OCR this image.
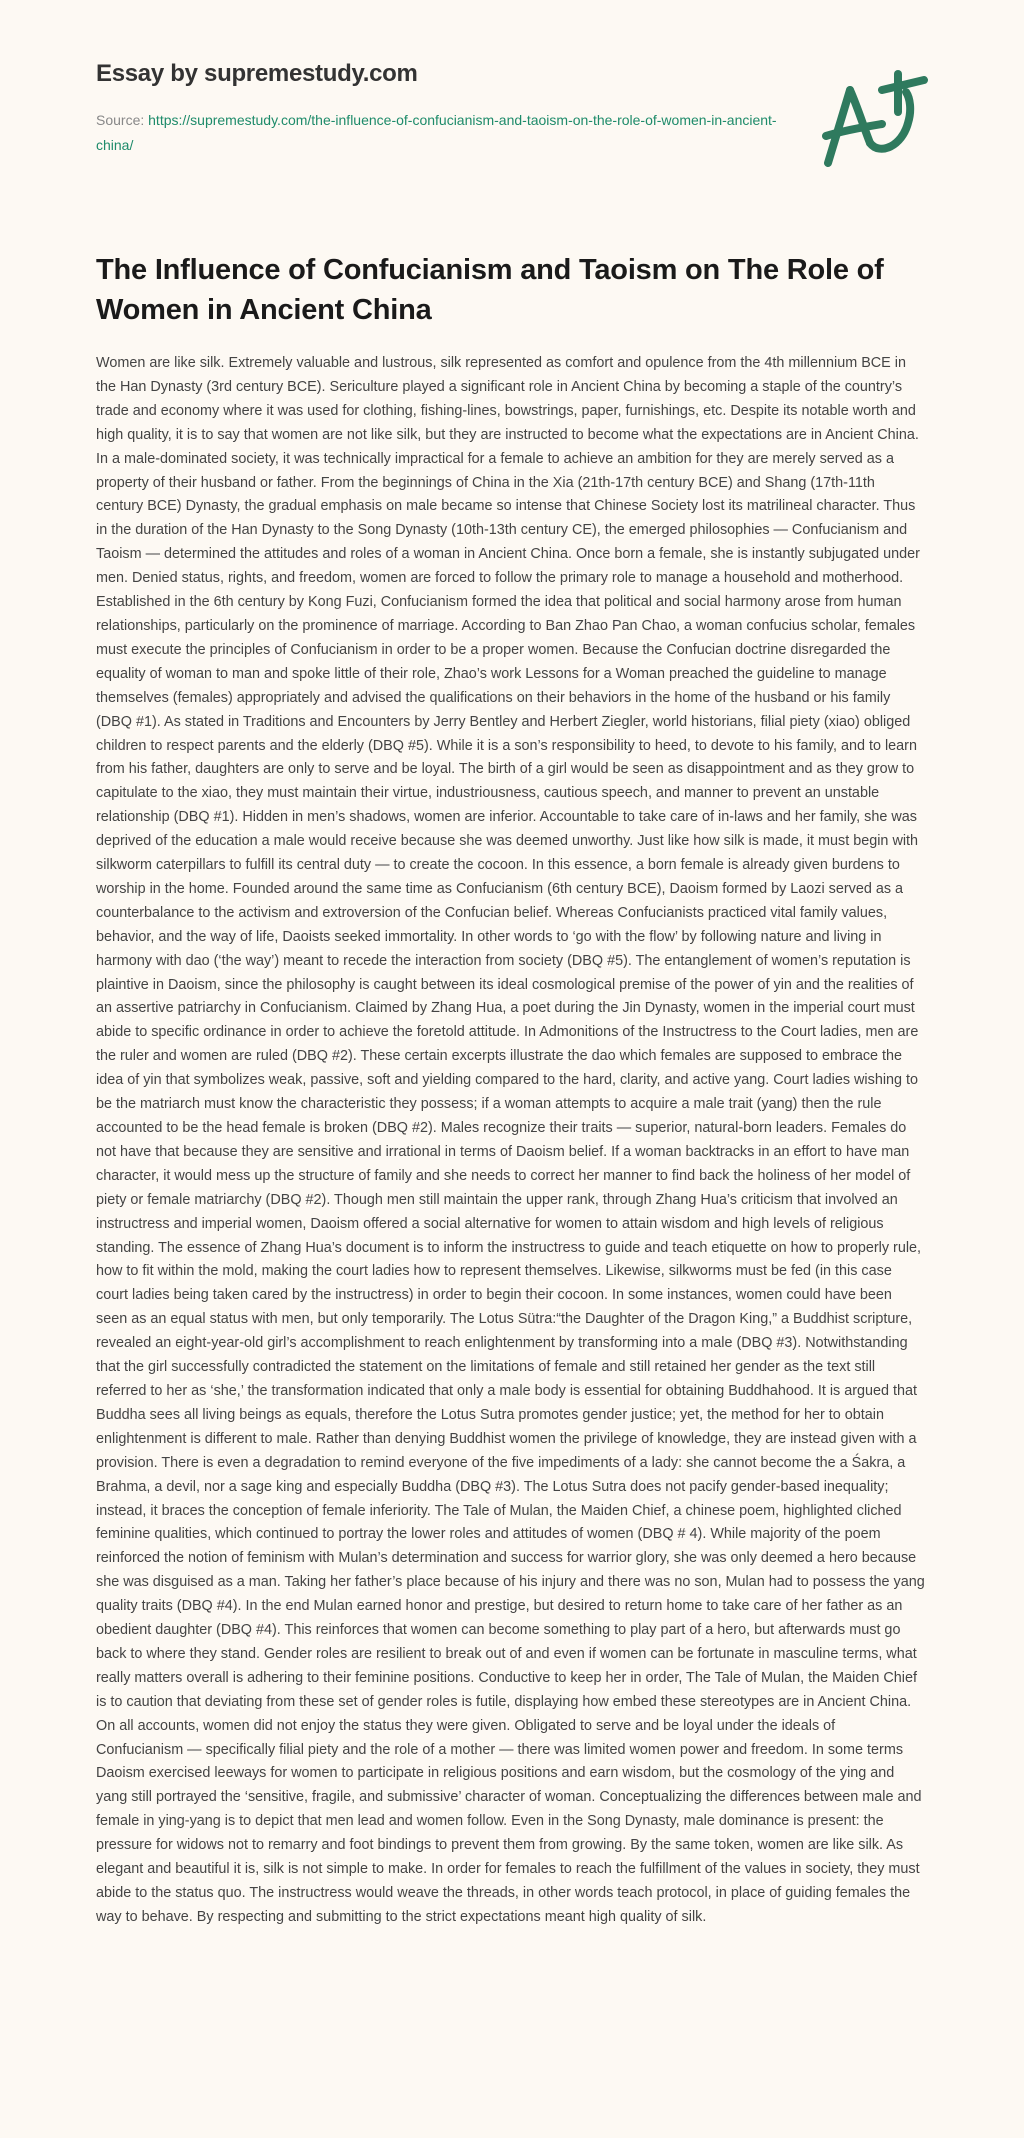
Essay by supremestudy.com
Source: https://supremestudy.com/the-influence-of-confucianism-and-taoism-on-the-role-of-women-in-ancient-china/
The Influence of Confucianism and Taoism on The Role of Women in Ancient China

Women are like silk. Extremely valuable and lustrous, silk represented as comfort and opulence from the 4th millennium BCE in the Han Dynasty (3rd century BCE). Sericulture played a significant role in Ancient China by becoming a staple of the country’s trade and economy where it was used for clothing, fishing-lines, bowstrings, paper, furnishings, etc. Despite its notable worth and high quality, it is to say that women are not like silk, but they are instructed to become what the expectations are in Ancient China. In a male-dominated society, it was technically impractical for a female to achieve an ambition for they are merely served as a property of their husband or father. From the beginnings of China in the Xia (21th-17th century BCE) and Shang (17th-11th century BCE) Dynasty, the gradual emphasis on male became so intense that Chinese Society lost its matrilineal character. Thus in the duration of the Han Dynasty to the Song Dynasty (10th-13th century CE), the emerged philosophies — Confucianism and Taoism — determined the attitudes and roles of a woman in Ancient China. Once born a female, she is instantly subjugated under men. Denied status, rights, and freedom, women are forced to follow the primary role to manage a household and motherhood. Established in the 6th century by Kong Fuzi, Confucianism formed the idea that political and social harmony arose from human relationships, particularly on the prominence of marriage. According to Ban Zhao Pan Chao, a woman confucius scholar, females must execute the principles of Confucianism in order to be a proper women. Because the Confucian doctrine disregarded the equality of woman to man and spoke little of their role, Zhao’s work Lessons for a Woman preached the guideline to manage themselves (females) appropriately and advised the qualifications on their behaviors in the home of the husband or his family (DBQ #1). As stated in Traditions and Encounters by Jerry Bentley and Herbert Ziegler, world historians, filial piety (xiao) obliged children to respect parents and the elderly (DBQ #5). While it is a son’s responsibility to heed, to devote to his family, and to learn from his father, daughters are only to serve and be loyal. The birth of a girl would be seen as disappointment and as they grow to capitulate to the xiao, they must maintain their virtue, industriousness, cautious speech, and manner to prevent an unstable relationship (DBQ #1). Hidden in men’s shadows, women are inferior. Accountable to take care of in-laws and her family, she was deprived of the education a male would receive because she was deemed unworthy. Just like how silk is made, it must begin with silkworm caterpillars to fulfill its central duty — to create the cocoon. In this essence, a born female is already given burdens to worship in the home. Founded around the same time as Confucianism (6th century BCE), Daoism formed by Laozi served as a counterbalance to the activism and extroversion of the Confucian belief. Whereas Confucianists practiced vital family values, behavior, and the way of life, Daoists seeked immortality. In other words to ‘go with the flow’ by following nature and living in harmony with dao (‘the way’) meant to recede the interaction from society (DBQ #5). The entanglement of women’s reputation is plaintive in Daoism, since the philosophy is caught between its ideal cosmological premise of the power of yin and the realities of an assertive patriarchy in Confucianism. Claimed by Zhang Hua, a poet during the Jin Dynasty, women in the imperial court must abide to specific ordinance in order to achieve the foretold attitude. In Admonitions of the Instructress to the Court ladies, men are the ruler and women are ruled (DBQ #2). These certain excerpts illustrate the dao which females are supposed to embrace the idea of yin that symbolizes weak, passive, soft and yielding compared to the hard, clarity, and active yang. Court ladies wishing to be the matriarch must know the characteristic they possess; if a woman attempts to acquire a male trait (yang) then the rule accounted to be the head female is broken (DBQ #2). Males recognize their traits — superior, natural-born leaders. Females do not have that because they are sensitive and irrational in terms of Daoism belief. If a woman backtracks in an effort to have man character, it would mess up the structure of family and she needs to correct her manner to find back the holiness of her model of piety or female matriarchy (DBQ #2). Though men still maintain the upper rank, through Zhang Hua’s criticism that involved an instructress and imperial women, Daoism offered a social alternative for women to attain wisdom and high levels of religious standing. The essence of Zhang Hua’s document is to inform the instructress to guide and teach etiquette on how to properly rule, how to fit within the mold, making the court ladies how to represent themselves. Likewise, silkworms must be fed (in this case court ladies being taken cared by the instructress) in order to begin their cocoon. In some instances, women could have been seen as an equal status with men, but only temporarily. The Lotus Sütra:“the Daughter of the Dragon King,” a Buddhist scripture, revealed an eight-year-old girl’s accomplishment to reach enlightenment by transforming into a male (DBQ #3). Notwithstanding that the girl successfully contradicted the statement on the limitations of female and still retained her gender as the text still referred to her as ‘she,’ the transformation indicated that only a male body is essential for obtaining Buddhahood. It is argued that Buddha sees all living beings as equals, therefore the Lotus Sutra promotes gender justice; yet, the method for her to obtain enlightenment is different to male. Rather than denying Buddhist women the privilege of knowledge, they are instead given with a provision. There is even a degradation to remind everyone of the five impediments of a lady: she cannot become the a Śakra, a Brahma, a devil, nor a sage king and especially Buddha (DBQ #3). The Lotus Sutra does not pacify gender-based inequality; instead, it braces the conception of female inferiority. The Tale of Mulan, the Maiden Chief, a chinese poem, highlighted cliched feminine qualities, which continued to portray the lower roles and attitudes of women (DBQ # 4). While majority of the poem reinforced the notion of feminism with Mulan’s determination and success for warrior glory, she was only deemed a hero because she was disguised as a man. Taking her father’s place because of his injury and there was no son, Mulan had to possess the yang quality traits (DBQ #4). In the end Mulan earned honor and prestige, but desired to return home to take care of her father as an obedient daughter (DBQ #4). This reinforces that women can become something to play part of a hero, but afterwards must go back to where they stand. Gender roles are resilient to break out of and even if women can be fortunate in masculine terms, what really matters overall is adhering to their feminine positions. Conductive to keep her in order, The Tale of Mulan, the Maiden Chief is to caution that deviating from these set of gender roles is futile, displaying how embed these stereotypes are in Ancient China. On all accounts, women did not enjoy the status they were given. Obligated to serve and be loyal under the ideals of Confucianism — specifically filial piety and the role of a mother — there was limited women power and freedom. In some terms Daoism exercised leeways for women to participate in religious positions and earn wisdom, but the cosmology of the ying and yang still portrayed the ‘sensitive, fragile, and submissive’ character of woman. Conceptualizing the differences between male and female in ying-yang is to depict that men lead and women follow. Even in the Song Dynasty, male dominance is present: the pressure for widows not to remarry and foot bindings to prevent them from growing. By the same token, women are like silk. As elegant and beautiful it is, silk is not simple to make. In order for females to reach the fulfillment of the values in society, they must abide to the status quo. The instructress would weave the threads, in other words teach protocol, in place of guiding females the way to behave. By respecting and submitting to the strict expectations meant high quality of silk.
